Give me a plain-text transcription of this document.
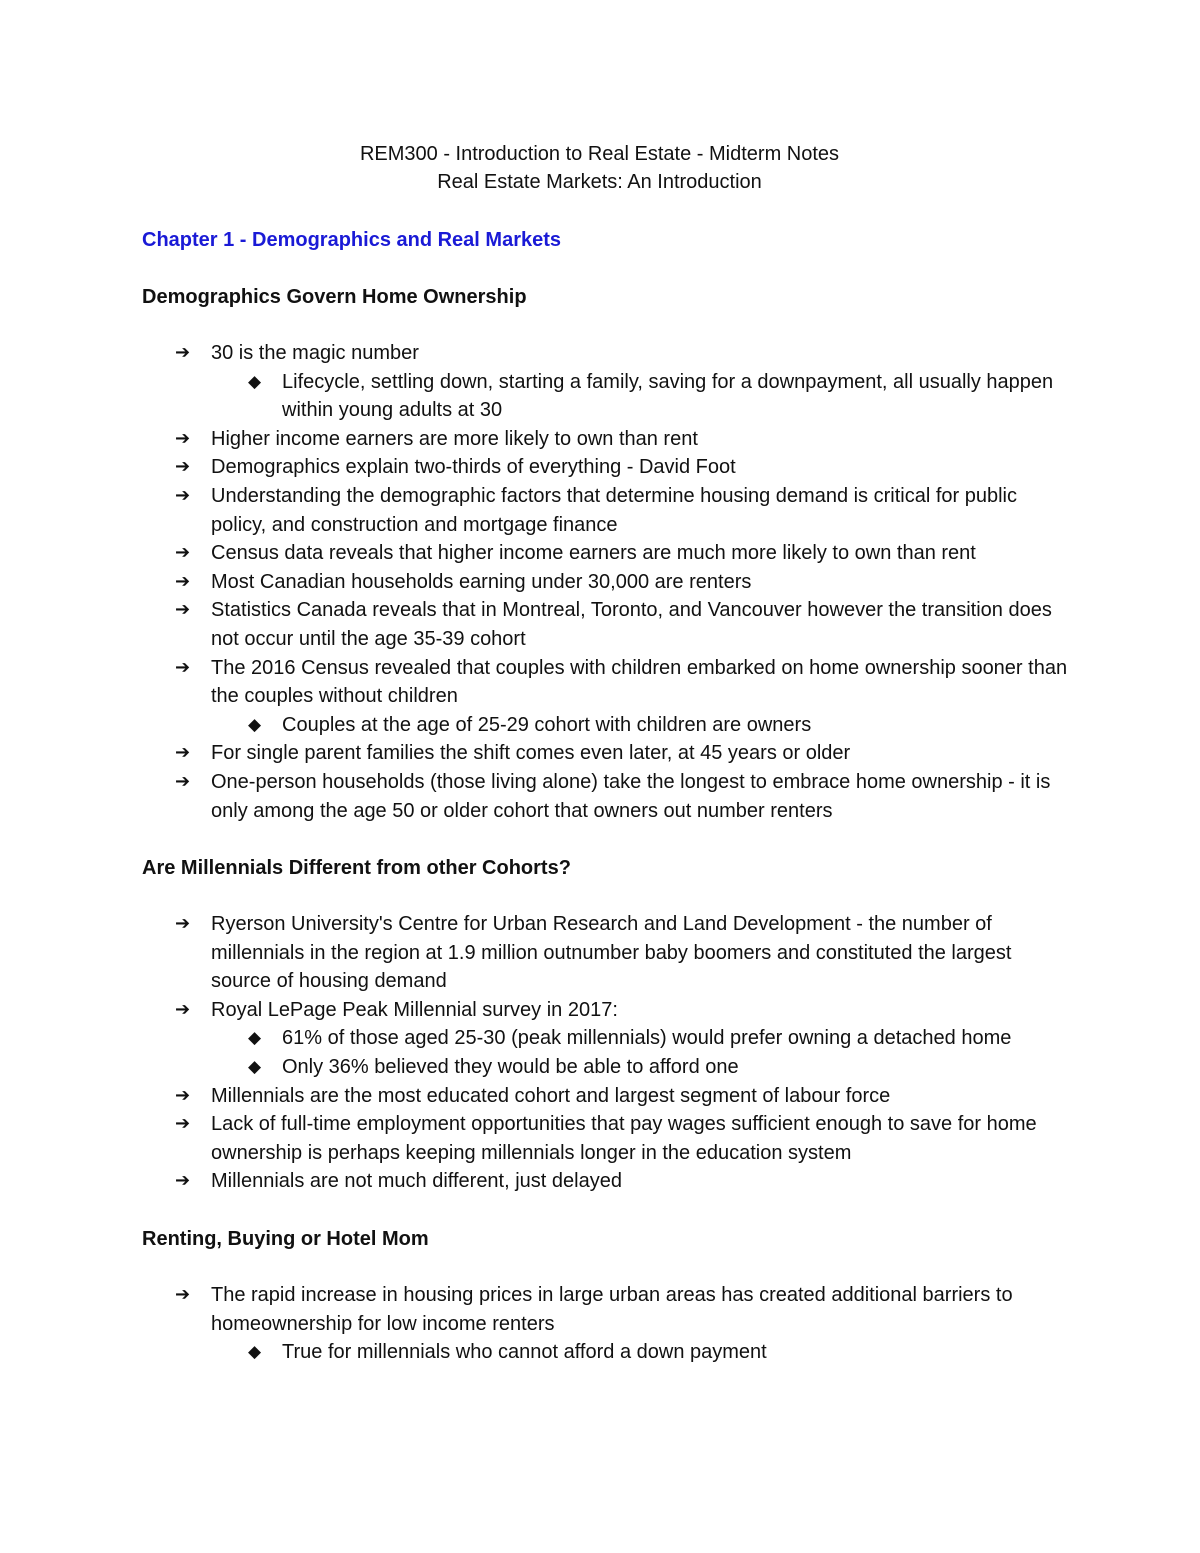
REM300 - Introduction to Real Estate - Midterm Notes
Real Estate Markets: An Introduction
Chapter 1 - Demographics and Real Markets
Demographics Govern Home Ownership
➔	30 is the magic number
◆	Lifecycle, settling down, starting a family, saving for a downpayment, all usually happen within young adults at 30
➔	Higher income earners are more likely to own than rent
➔	Demographics explain two-thirds of everything - David Foot
➔	Understanding the demographic factors that determine housing demand is critical for public policy, and construction and mortgage finance
➔	Census data reveals that higher income earners are much more likely to own than rent
➔	Most Canadian households earning under 30,000 are renters
➔	Statistics Canada reveals that in Montreal, Toronto, and Vancouver however the transition does not occur until the age 35-39 cohort
➔	The 2016 Census revealed that couples with children embarked on home ownership sooner than the couples without children
◆	Couples at the age of 25-29 cohort with children are owners
➔	For single parent families the shift comes even later, at 45 years or older
➔	One-person households (those living alone) take the longest to embrace home ownership - it is only among the age 50 or older cohort that owners out number renters
Are Millennials Different from other Cohorts?
➔	Ryerson University's Centre for Urban Research and Land Development - the number of millennials in the region at 1.9 million outnumber baby boomers and constituted the largest source of housing demand
➔	Royal LePage Peak Millennial survey in 2017:
◆	61% of those aged 25-30 (peak millennials) would prefer owning a detached home
◆	Only 36% believed they would be able to afford one
➔	Millennials are the most educated cohort and largest segment of labour force
➔	Lack of full-time employment opportunities that pay wages sufficient enough to save for home ownership is perhaps keeping millennials longer in the education system
➔	Millennials are not much different, just delayed
Renting, Buying or Hotel Mom
➔	The rapid increase in housing prices in large urban areas has created additional barriers to homeownership for low income renters
◆	True for millennials who cannot afford a down payment
